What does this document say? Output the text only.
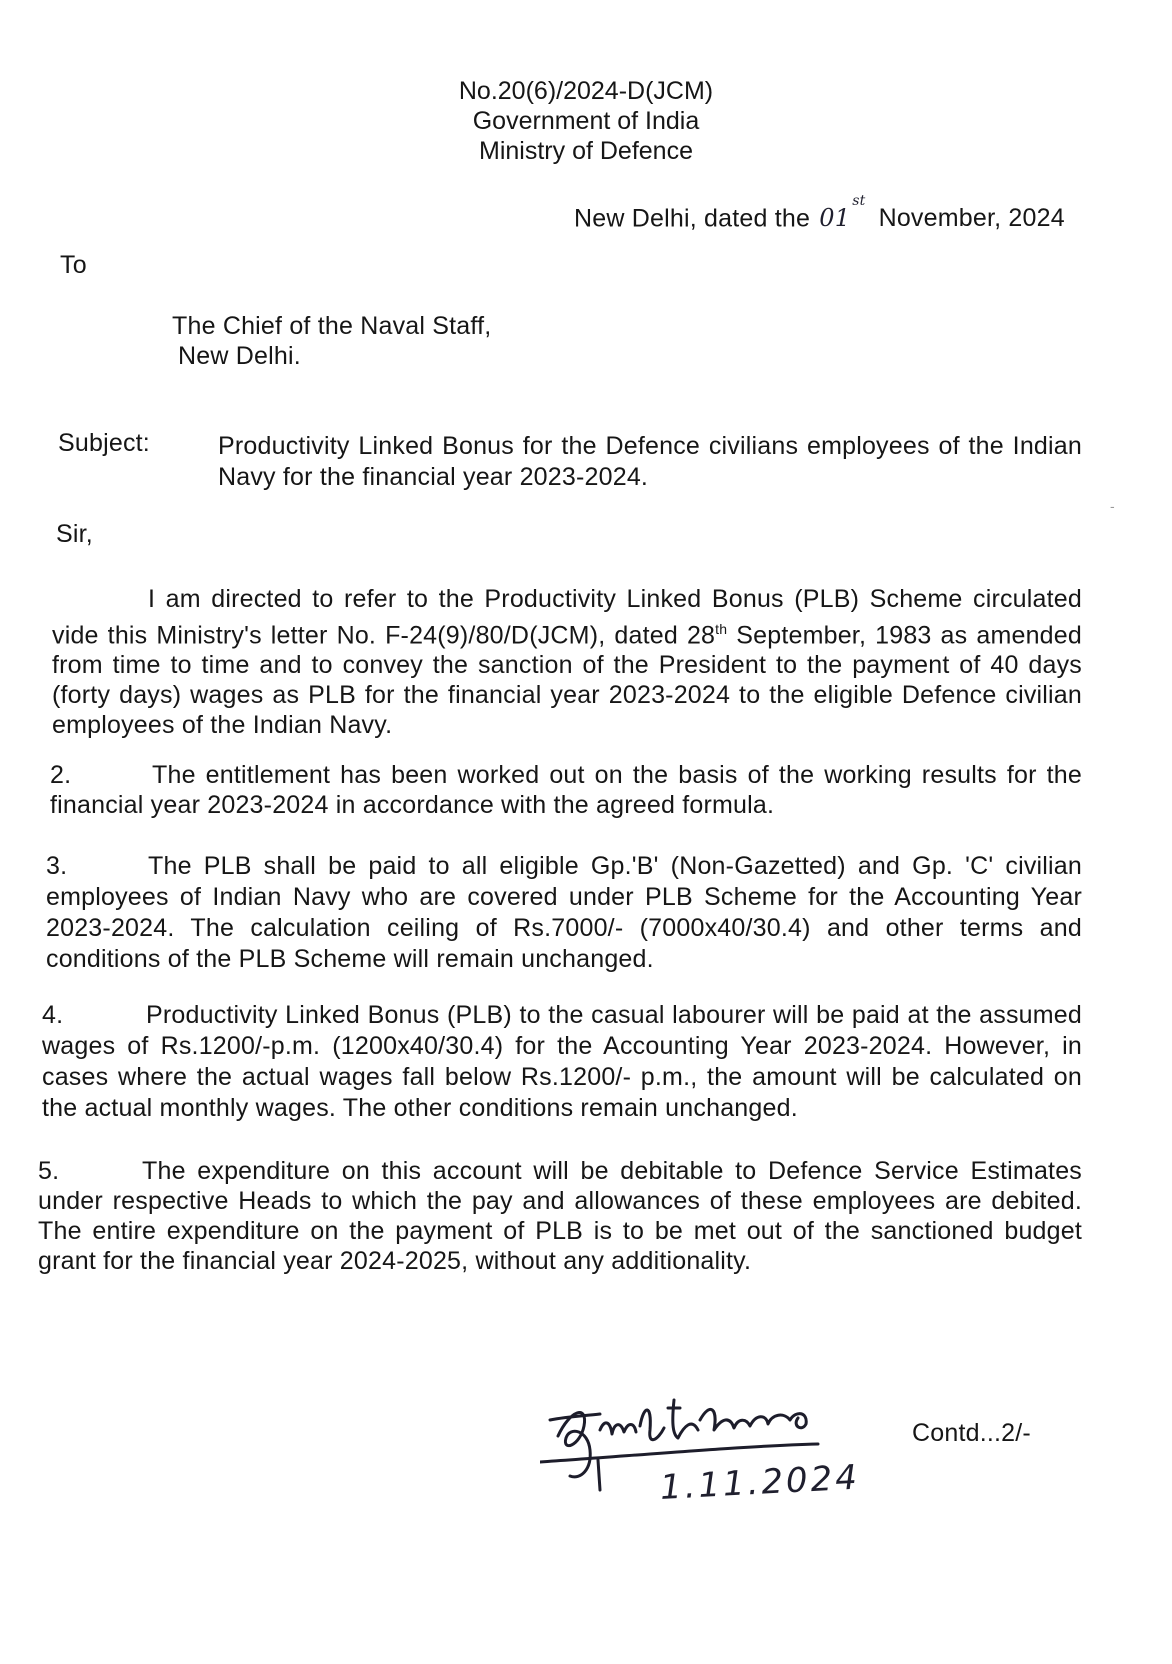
No.20(6)/2024-D(JCM)
Government of India
Ministry of Defence
New Delhi, dated the 01st November, 2024
To
The Chief of the Naval Staff,
New Delhi.
Subject:	Productivity Linked Bonus for the Defence civilians employees of the Indian Navy for the financial year 2023-2024.
-
Sir,
I am directed to refer to the Productivity Linked Bonus (PLB) Scheme circulated vide this Ministry's letter No. F-24(9)/80/D(JCM), dated 28th September, 1983 as amended from time to time and to convey the sanction of the President to the payment of 40 days (forty days) wages as PLB for the financial year 2023-2024 to the eligible Defence civilian employees of the Indian Navy.
2.	The entitlement has been worked out on the basis of the working results for the financial year 2023-2024 in accordance with the agreed formula.
3.	The PLB shall be paid to all eligible Gp.'B' (Non-Gazetted) and Gp. 'C' civilian employees of Indian Navy who are covered under PLB Scheme for the Accounting Year 2023-2024. The calculation ceiling of Rs.7000/- (7000x40/30.4) and other terms and conditions of the PLB Scheme will remain unchanged.
4.	Productivity Linked Bonus (PLB) to the casual labourer will be paid at the assumed wages of Rs.1200/-p.m. (1200x40/30.4) for the Accounting Year 2023-2024. However, in cases where the actual wages fall below Rs.1200/- p.m., the amount will be calculated on the actual monthly wages. The other conditions remain unchanged.
5.	The expenditure on this account will be debitable to Defence Service Estimates under respective Heads to which the pay and allowances of these employees are debited. The entire expenditure on the payment of PLB is to be met out of the sanctioned budget grant for the financial year 2024-2025, without any additionality.
1.11.2024
Contd...2/-
